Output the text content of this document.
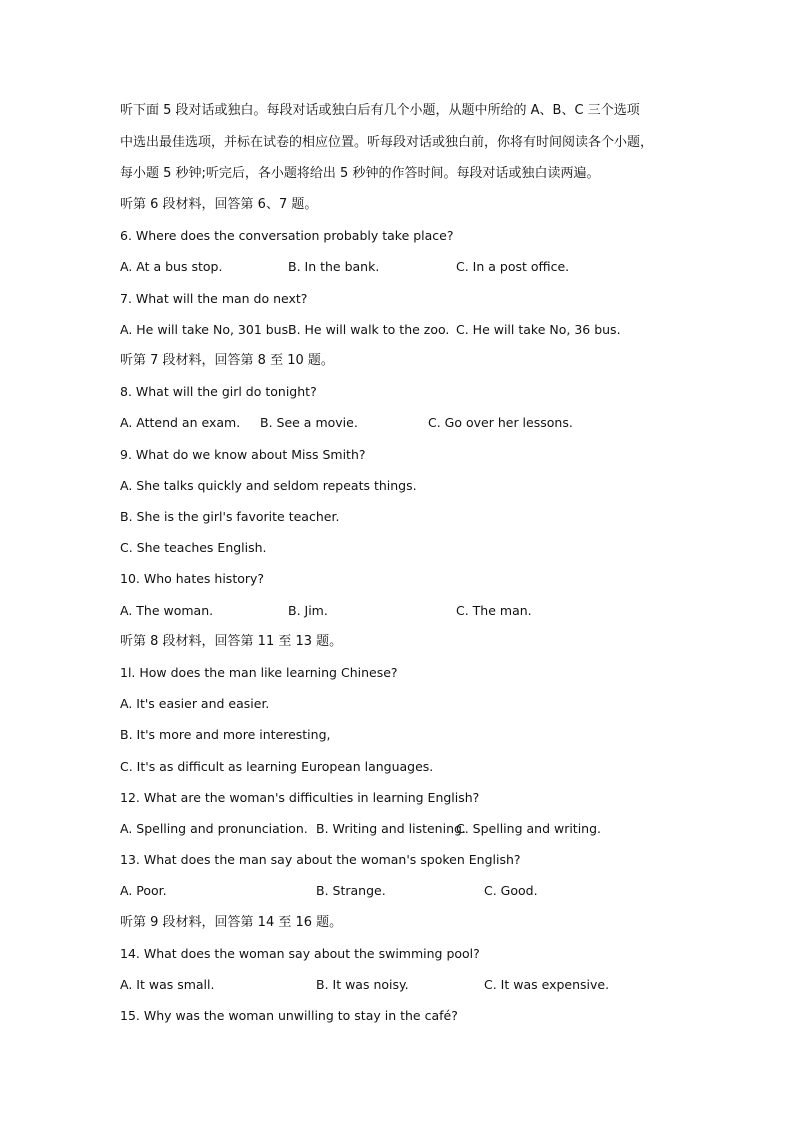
听下面 5 段对话或独白。每段对话或独白后有几个小题，从题中所给的 A、B、C 三个选项
中选出最佳选项，并标在试卷的相应位置。听每段对话或独白前，你将有时间阅读各个小题，
每小题 5 秒钟;听完后，各小题将给出 5 秒钟的作答时间。每段对话或独白读两遍。
听第 6 段材料，回答第 6、7 题。
6. Where does the conversation probably take place?
A. At a bus stop.	B. In the bank.	C. In a post office.
7. What will the man do next?
A. He will take No, 301 bus.
B. He will walk to the zoo. C. He will take No, 36 bus.
听第 7 段材料，回答第 8 至 10 题。
8. What will the girl do tonight?
A. Attend an exam. B. See a movie.	C. Go over her lessons.
9. What do we know about Miss Smith?
A. She talks quickly and seldom repeats things.
B. She is the girl's favorite teacher.
C. She teaches English.
10. Who hates history?
A. The woman.	B. Jim.	C. The man.
听第 8 段材料，回答第 11 至 13 题。
1l. How does the man like learning Chinese?
A. It's easier and easier.
B. It's more and more interesting,
C. It's as difficult as learning European languages.
12. What are the woman's difficulties in learning English?
A. Spelling and pronunciation. B. Writing and listening.
C. Spelling and writing.
13. What does the man say about the woman's spoken English?
A. Poor.	B. Strange.	C. Good.
听第 9 段材料，回答第 14 至 16 题。
14. What does the woman say about the swimming pool?
A. It was small.	B. It was noisy.	C. It was expensive.
15. Why was the woman unwilling to stay in the café?
